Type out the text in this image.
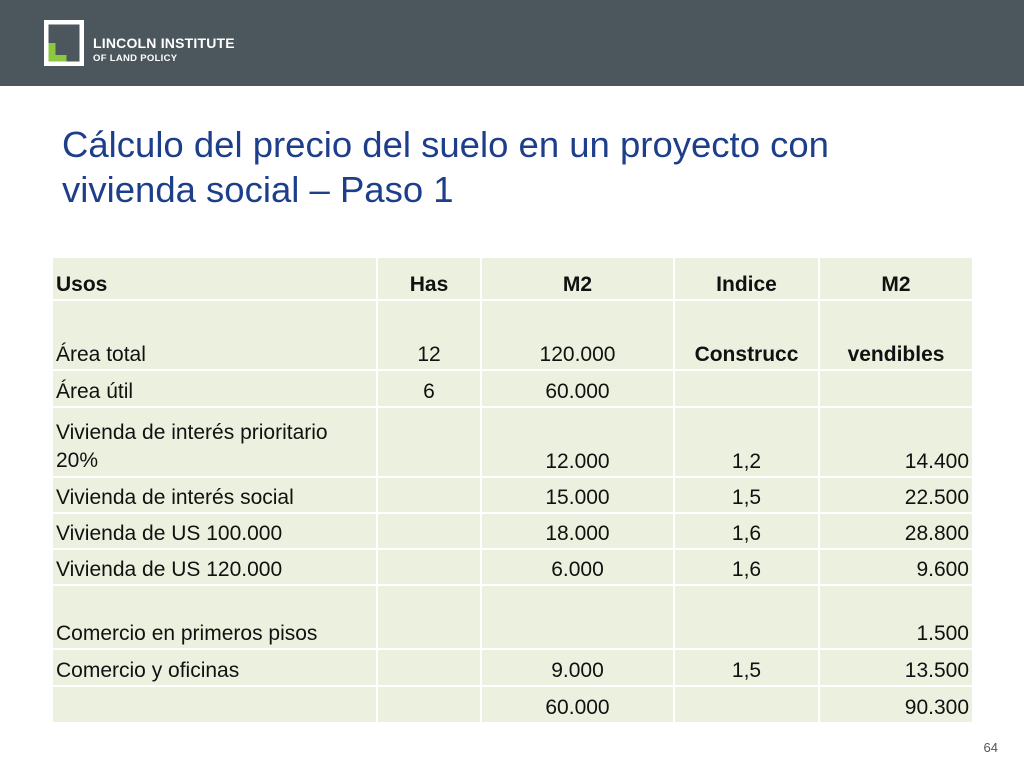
LINCOLN INSTITUTE
OF LAND POLICY
Cálculo del precio del suelo en un proyecto con vivienda social – Paso 1
Usos	Has	M2	Indice	M2
Área total	12	120.000	Construcc	vendibles
Área útil	6	60.000		
Vivienda de interés prioritario 20%		12.000	1,2	14.400
Vivienda de interés social		15.000	1,5	22.500
Vivienda de US 100.000		18.000	1,6	28.800
Vivienda de US 120.000		6.000	1,6	9.600
Comercio en primeros pisos				1.500
Comercio y oficinas		9.000	1,5	13.500
		60.000		90.300
64
